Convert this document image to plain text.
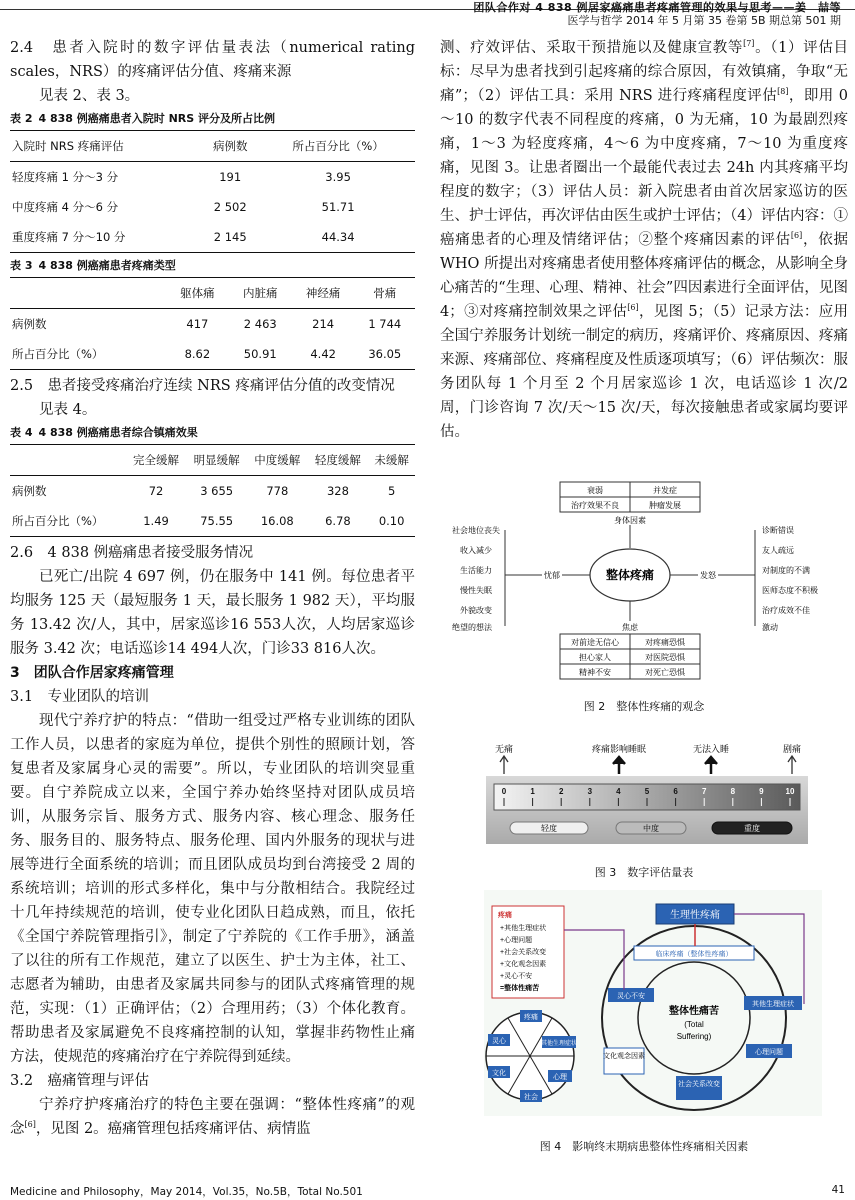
团队合作对 4 838 例居家癌痛患者疼痛管理的效果与思考——姜　喆等
医学与哲学 2014 年 5 月第 35 卷第 5B 期总第 501 期

2.4　患者入院时的数字评估量表法（numerical rating scales，NRS）的疼痛评估分值、疼痛来源

见表 2、表 3。

表 2 4 838 例癌痛患者入院时 NRS 评分及所占比例
入院时 NRS 疼痛评估	病例数	所占百分比（%）
轻度疼痛 1 分～3 分	191	3.95
中度疼痛 4 分～6 分	2 502	51.71
重度疼痛 7 分～10 分	2 145	44.34
表 3 4 838 例癌痛患者疼痛类型
	躯体痛	内脏痛	神经痛	骨痛
病例数	417	2 463	214	1 744
所占百分比（%）	8.62	50.91	4.42	36.05

2.5　患者接受疼痛治疗连续 NRS 疼痛评估分值的改变情况

见表 4。

表 4 4 838 例癌痛患者综合镇痛效果
	完全缓解	明显缓解	中度缓解	轻度缓解	未缓解
病例数	72	3 655	778	328	5
所占百分比（%）	1.49	75.55	16.08	6.78	0.10

2.6　4 838 例癌痛患者接受服务情况

已死亡/出院 4 697 例，仍在服务中 141 例。每位患者平均服务 125 天（最短服务 1 天，最长服务 1 982 天），平均服务 13.42 次/人，其中，居家巡诊16 553人次，人均居家巡诊服务 3.42 次；电话巡诊14 494人次，门诊33 816人次。

3　团队合作居家疼痛管理

3.1　专业团队的培训

现代宁养疗护的特点：“借助一组受过严格专业训练的团队工作人员，以患者的家庭为单位，提供个别性的照顾计划，答复患者及家属身心灵的需要”。所以，专业团队的培训突显重要。自宁养院成立以来，全国宁养办始终坚持对团队成员培训，从服务宗旨、服务方式、服务内容、核心理念、服务任务、服务目的、服务特点、服务伦理、国内外服务的现状与进展等进行全面系统的培训；而且团队成员均到台湾接受 2 周的系统培训；培训的形式多样化，集中与分散相结合。我院经过十几年持续规范的培训，使专业化团队日趋成熟，而且，依托《全国宁养院管理指引》，制定了宁养院的《工作手册》，涵盖了以往的所有工作规范，建立了以医生、护士为主体，社工、志愿者为辅助，由患者及家属共同参与的团队式疼痛管理的规范，实现：（1）正确评估；（2）合理用药；（3）个体化教育。帮助患者及家属避免不良疼痛控制的认知，掌握非药物性止痛方法，使规范的疼痛治疗在宁养院得到延续。

3.2　癌痛管理与评估

宁养疗护疼痛治疗的特色主要在强调：“整体性疼痛”的观念[6]，见图 2。癌痛管理包括疼痛评估、病情监

测、疗效评估、采取干预措施以及健康宣教等[7]。（1）评估目标：尽早为患者找到引起疼痛的综合原因，有效镇痛，争取“无痛”；（2）评估工具：采用 NRS 进行疼痛程度评估[8]，即用 0～10 的数字代表不同程度的疼痛，0 为无痛，10 为最剧烈疼痛，1～3 为轻度疼痛，4～6 为中度疼痛，7～10 为重度疼痛，见图 3。让患者圈出一个最能代表过去 24h 内其疼痛平均程度的数字；（3）评估人员：新入院患者由首次居家巡访的医生、护士评估，再次评估由医生或护士评估；（4）评估内容：①癌痛患者的心理及情绪评估；②整个疼痛因素的评估[6]，依据 WHO 所提出对疼痛患者使用整体疼痛评估的概念，从影响全身心痛苦的“生理、心理、精神、社会”四因素进行全面评估，见图 4；③对疼痛控制效果之评估[6]，见图 5；（5）记录方法：应用全国宁养服务计划统一制定的病历，疼痛评价、疼痛原因、疼痛来源、疼痛部位、疼痛程度及性质逐项填写；（6）评估频次：服务团队每 1 个月至 2 个月居家巡诊 1 次，电话巡诊 1 次/2 周，门诊咨询 7 次/天～15 次/天，每次接触患者或家属均要评估。

衰弱	并发症
治疗效果不良	肿瘤发展
身体因素
社会地位丧失
收入减少
生活能力
慢性失眠
外貌改变
绝望的想法
忧郁	整体疼痛	发怒
诊断错误
友人疏远
对制度的不满
医师态度不积极
治疗成效不佳
激动
焦虑
对前途无信心	对疼痛恐惧
担心家人	对医院恐惧
精神不安	对死亡恐惧
图 2　整体性疼痛的观念
无痛	疼痛影响睡眠	无法入睡	剧痛
0	1	2	3	4	5	6	7	8	9	10
轻度	中度	重度
图 3　数字评估量表
疼痛
+其他生理症状
+心理问题
+社会关系改变
+文化观念因素
+灵心不安
=整体性痛苦
生理性疼痛
临床疼痛（整体性疼痛）
整体性痛苦
(Total
Suffering)
灵心不安
其他生理症状
心理问题
社会关系改变
文化观念因素
疼痛
其他生理症状
心理
社会
文化
灵心
图 4　影响终末期病患整体性疼痛相关因素
Medicine and Philosophy，May 2014，Vol.35，No.5B，Total No.501	41
